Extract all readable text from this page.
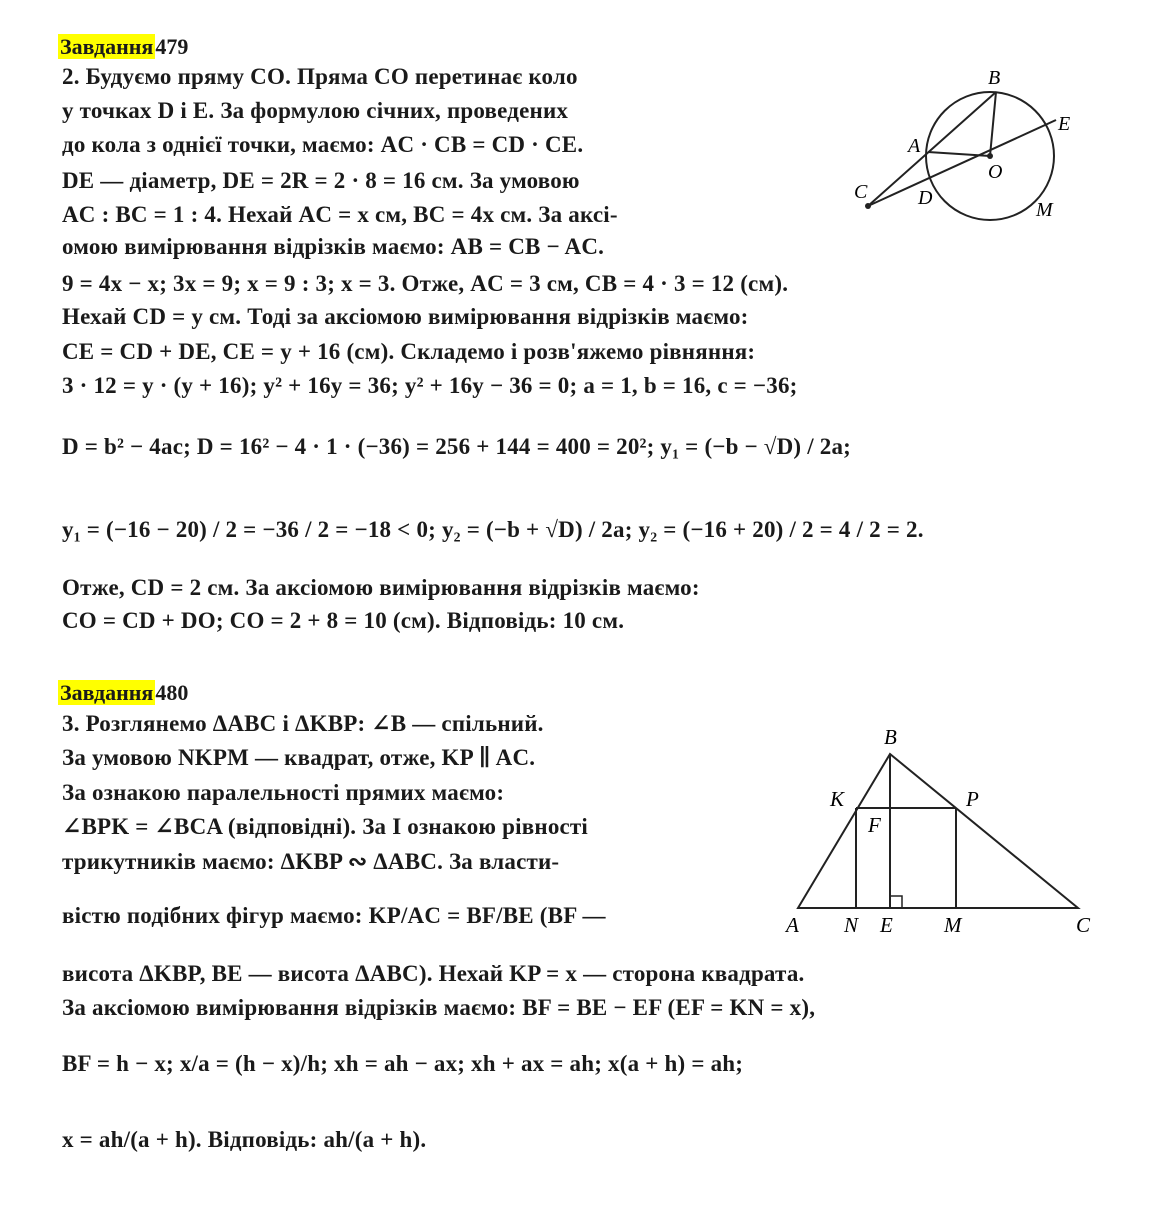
Завдання479
2. Будуємо пряму CO. Пряма CO перетинає коло
у точках D і E. За формулою січних, проведених
до кола з однієї точки, маємо: AC · CB = CD · CE.
DE — діаметр, DE = 2R = 2 · 8 = 16 см. За умовою
AC : BC = 1 : 4. Нехай AC = x см, BC = 4x см. За аксі-
омою вимірювання відрізків маємо: AB = CB − AC.
9 = 4x − x; 3x = 9; x = 9 : 3; x = 3. Отже, AC = 3 см, CB = 4 · 3 = 12 (см).
Нехай CD = y см. Тоді за аксіомою вимірювання відрізків маємо:
CE = CD + DE, CE = y + 16 (см). Складемо і розв'яжемо рівняння:
3 · 12 = y · (y + 16); y² + 16y = 36; y² + 16y − 36 = 0; a = 1, b = 16, c = −36;
D = b² − 4ac; D = 16² − 4 · 1 · (−36) = 256 + 144 = 400 = 20²; y₁ = (−b − √D) / 2a;
y₁ = (−16 − 20) / 2 = −36 / 2 = −18 < 0; y₂ = (−b + √D) / 2a; y₂ = (−16 + 20) / 2 = 4 / 2 = 2.
Отже, CD = 2 см. За аксіомою вимірювання відрізків маємо:
CO = CD + DO; CO = 2 + 8 = 10 (см). Відповідь: 10 см.
B
E
A
O
C	D
M
Завдання480
3. Розглянемо ΔABC і ΔKBP: ∠B — спільний.
За умовою NKPM — квадрат, отже, KP ∥ AC.
За ознакою паралельності прямих маємо:
∠BPK = ∠BCA (відповідні). За I ознакою рівності
трикутників маємо: ΔKBP ∾ ΔABC. За власти-
вістю подібних фігур маємо: KP/AC = BF/BE (BF —
висота ΔKBP, BE — висота ΔABC). Нехай KP = x — сторона квадрата.
За аксіомою вимірювання відрізків маємо: BF = BE − EF (EF = KN = x),
BF = h − x; x/a = (h − x)/h; xh = ah − ax; xh + ax = ah; x(a + h) = ah;
x = ah/(a + h). Відповідь: ah/(a + h).
B
K	P
F
A N E M	C
